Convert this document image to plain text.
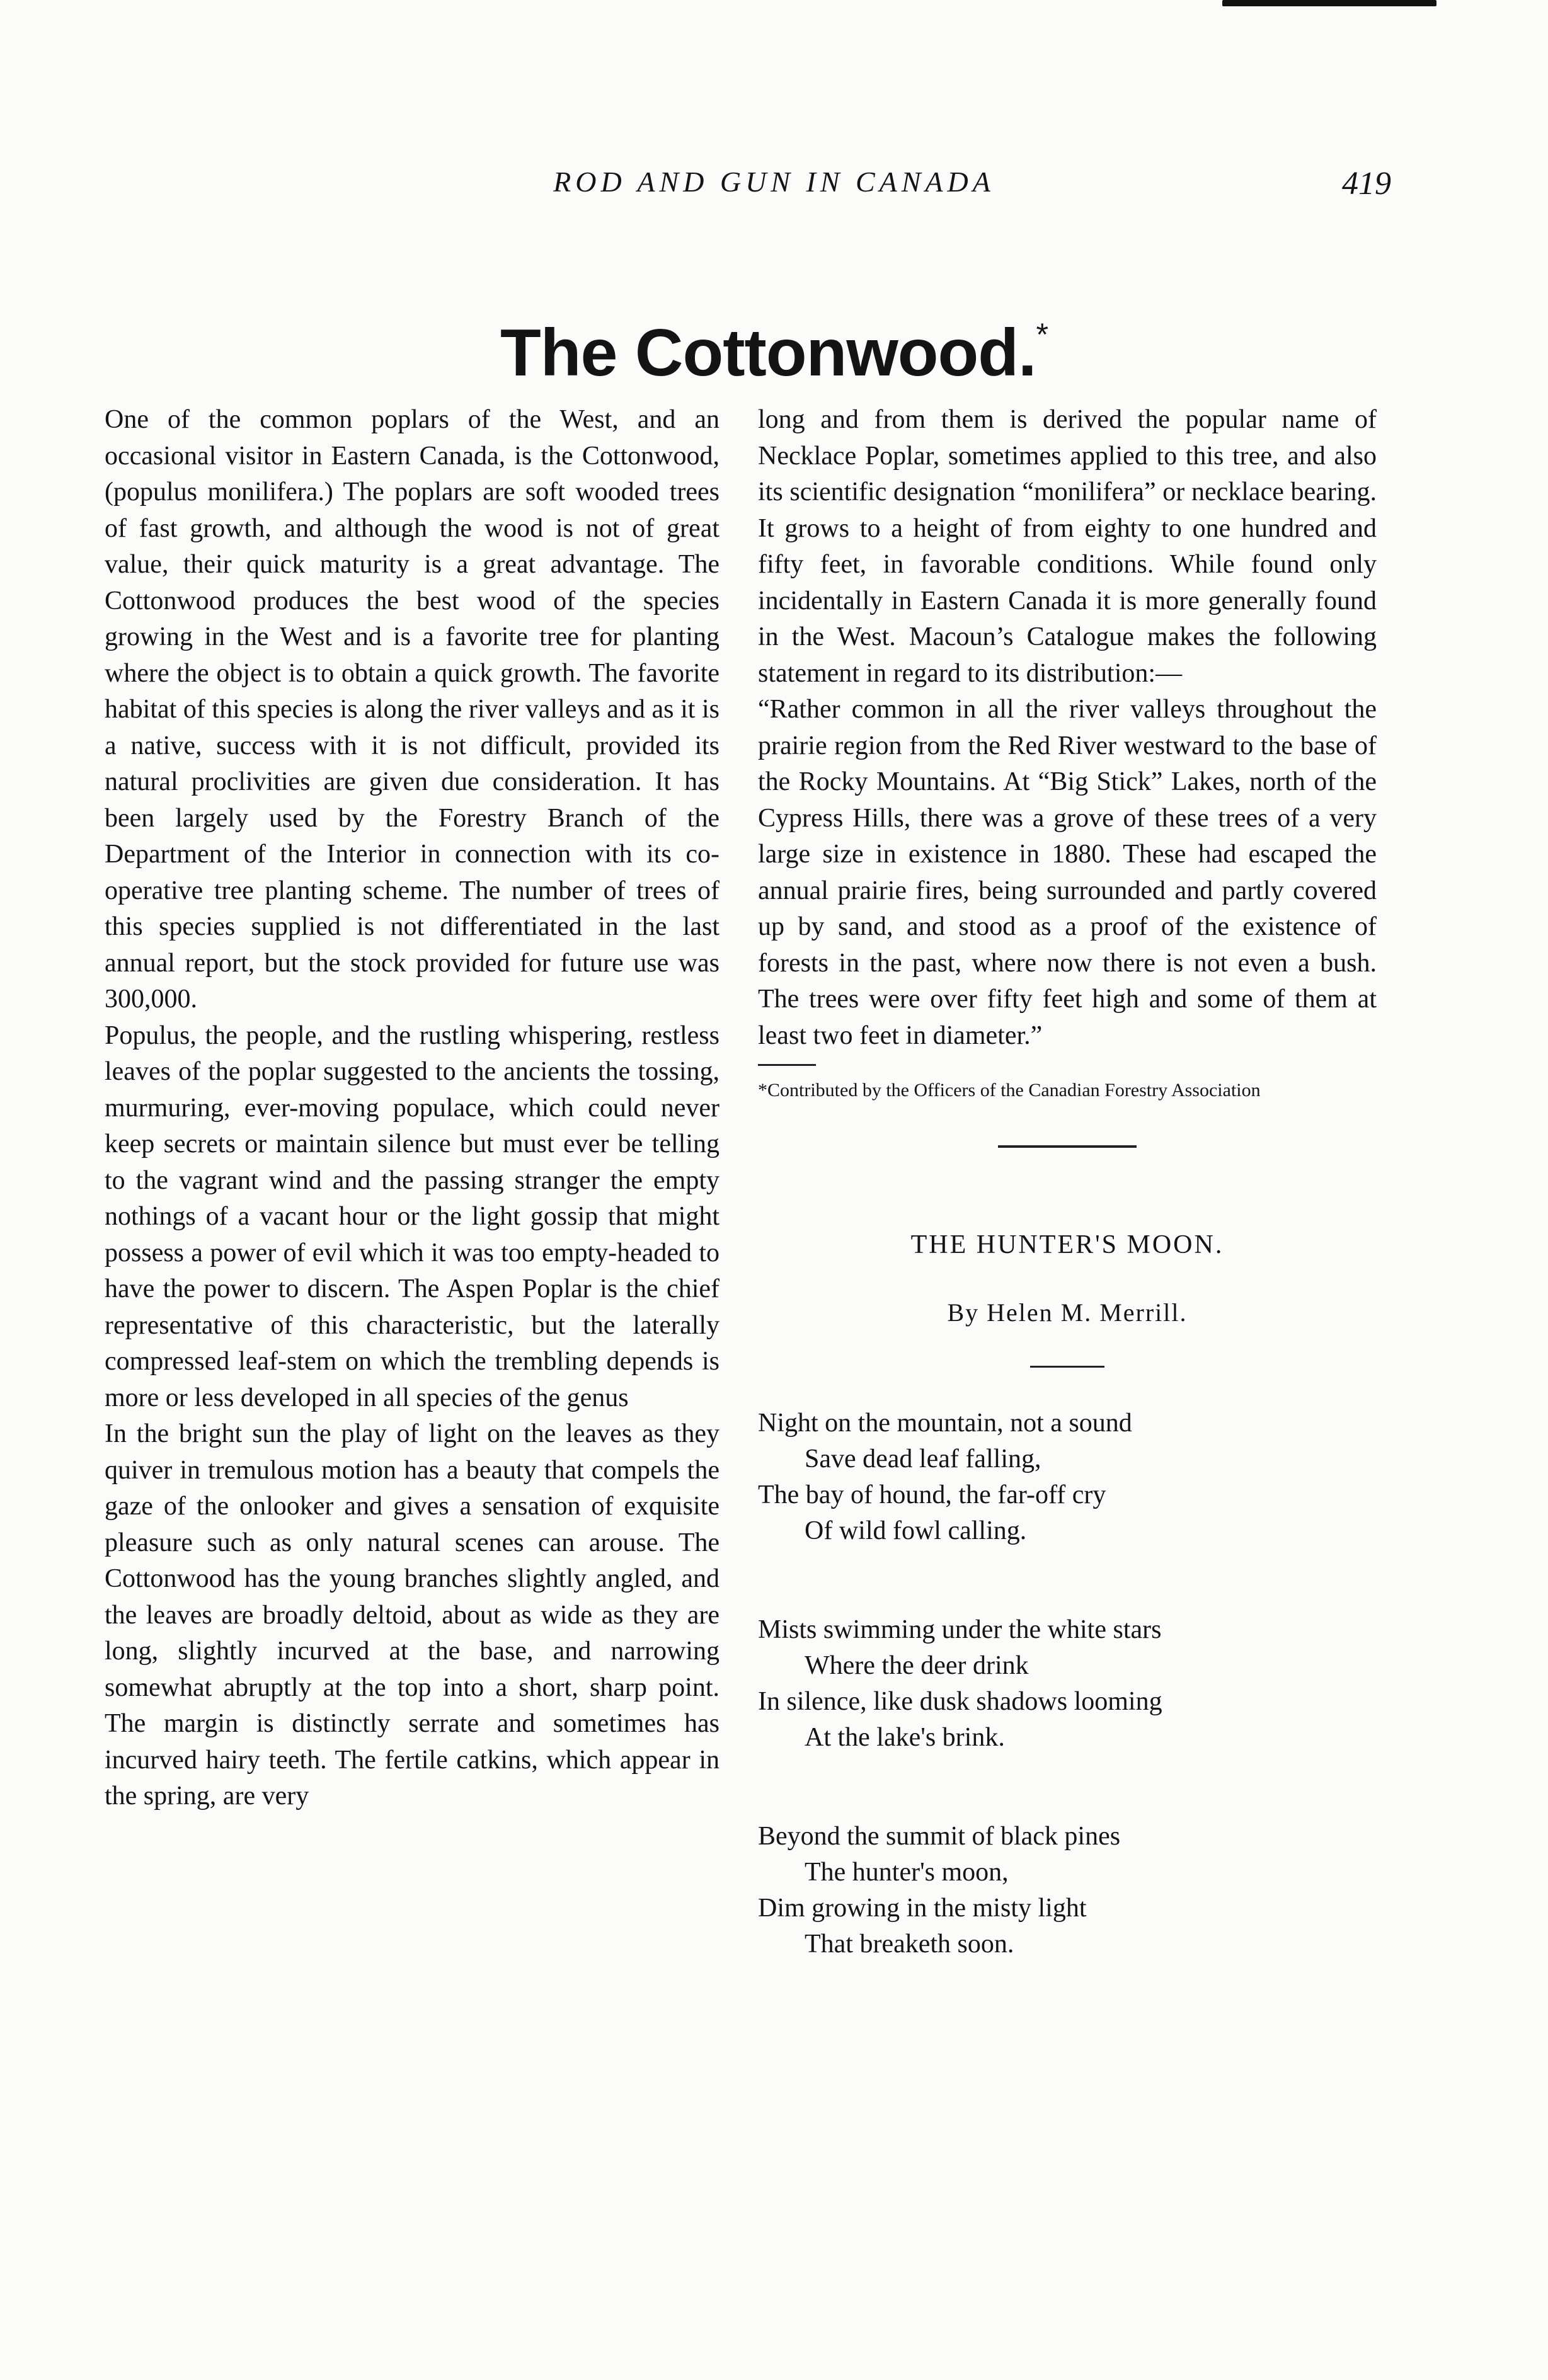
ROD AND GUN IN CANADA	419
The Cottonwood.*

One of the common poplars of the West, and an occasional visitor in Eastern Canada, is the Cottonwood, (populus monilifera.) The poplars are soft wooded trees of fast growth, and although the wood is not of great value, their quick maturity is a great advantage. The Cottonwood produces the best wood of the species growing in the West and is a favorite tree for planting where the object is to obtain a quick growth. The favorite habitat of this species is along the river valleys and as it is a native, success with it is not difficult, provided its natural proclivities are given due consideration. It has been largely used by the Forestry Branch of the Department of the Interior in connection with its co-operative tree planting scheme. The number of trees of this species supplied is not differentiated in the last annual report, but the stock provided for future use was 300,000.

Populus, the people, and the rustling whispering, restless leaves of the poplar suggested to the ancients the tossing, murmuring, ever-moving populace, which could never keep secrets or maintain silence but must ever be telling to the vagrant wind and the passing stranger the empty nothings of a vacant hour or the light gossip that might possess a power of evil which it was too empty-headed to have the power to discern. The Aspen Poplar is the chief representative of this characteristic, but the laterally compressed leaf-stem on which the trembling depends is more or less developed in all species of the genus

In the bright sun the play of light on the leaves as they quiver in tremulous motion has a beauty that compels the gaze of the onlooker and gives a sensation of exquisite pleasure such as only natural scenes can arouse. The Cottonwood has the young branches slightly angled, and the leaves are broadly deltoid, about as wide as they are long, slightly incurved at the base, and narrowing somewhat abruptly at the top into a short, sharp point. The margin is distinctly serrate and sometimes has incurved hairy teeth. The fertile catkins, which appear in the spring, are very

long and from them is derived the popular name of Necklace Poplar, sometimes applied to this tree, and also its scientific designation “monilifera” or necklace bearing. It grows to a height of from eighty to one hundred and fifty feet, in favorable conditions. While found only incidentally in Eastern Canada it is more generally found in the West. Macoun’s Catalogue makes the following statement in regard to its distribution:—

“Rather common in all the river valleys throughout the prairie region from the Red River westward to the base of the Rocky Mountains. At “Big Stick” Lakes, north of the Cypress Hills, there was a grove of these trees of a very large size in existence in 1880. These had escaped the annual prairie fires, being surrounded and partly covered up by sand, and stood as a proof of the existence of forests in the past, where now there is not even a bush. The trees were over fifty feet high and some of them at least two feet in diameter.”

*Contributed by the Officers of the Canadian Forestry Association
THE HUNTER'S MOON.
By Helen M. Merrill.
Night on the mountain, not a sound
Save dead leaf falling,
The bay of hound, the far-off cry
Of wild fowl calling.
Mists swimming under the white stars
Where the deer drink
In silence, like dusk shadows looming
At the lake's brink.
Beyond the summit of black pines
The hunter's moon,
Dim growing in the misty light
That breaketh soon.
